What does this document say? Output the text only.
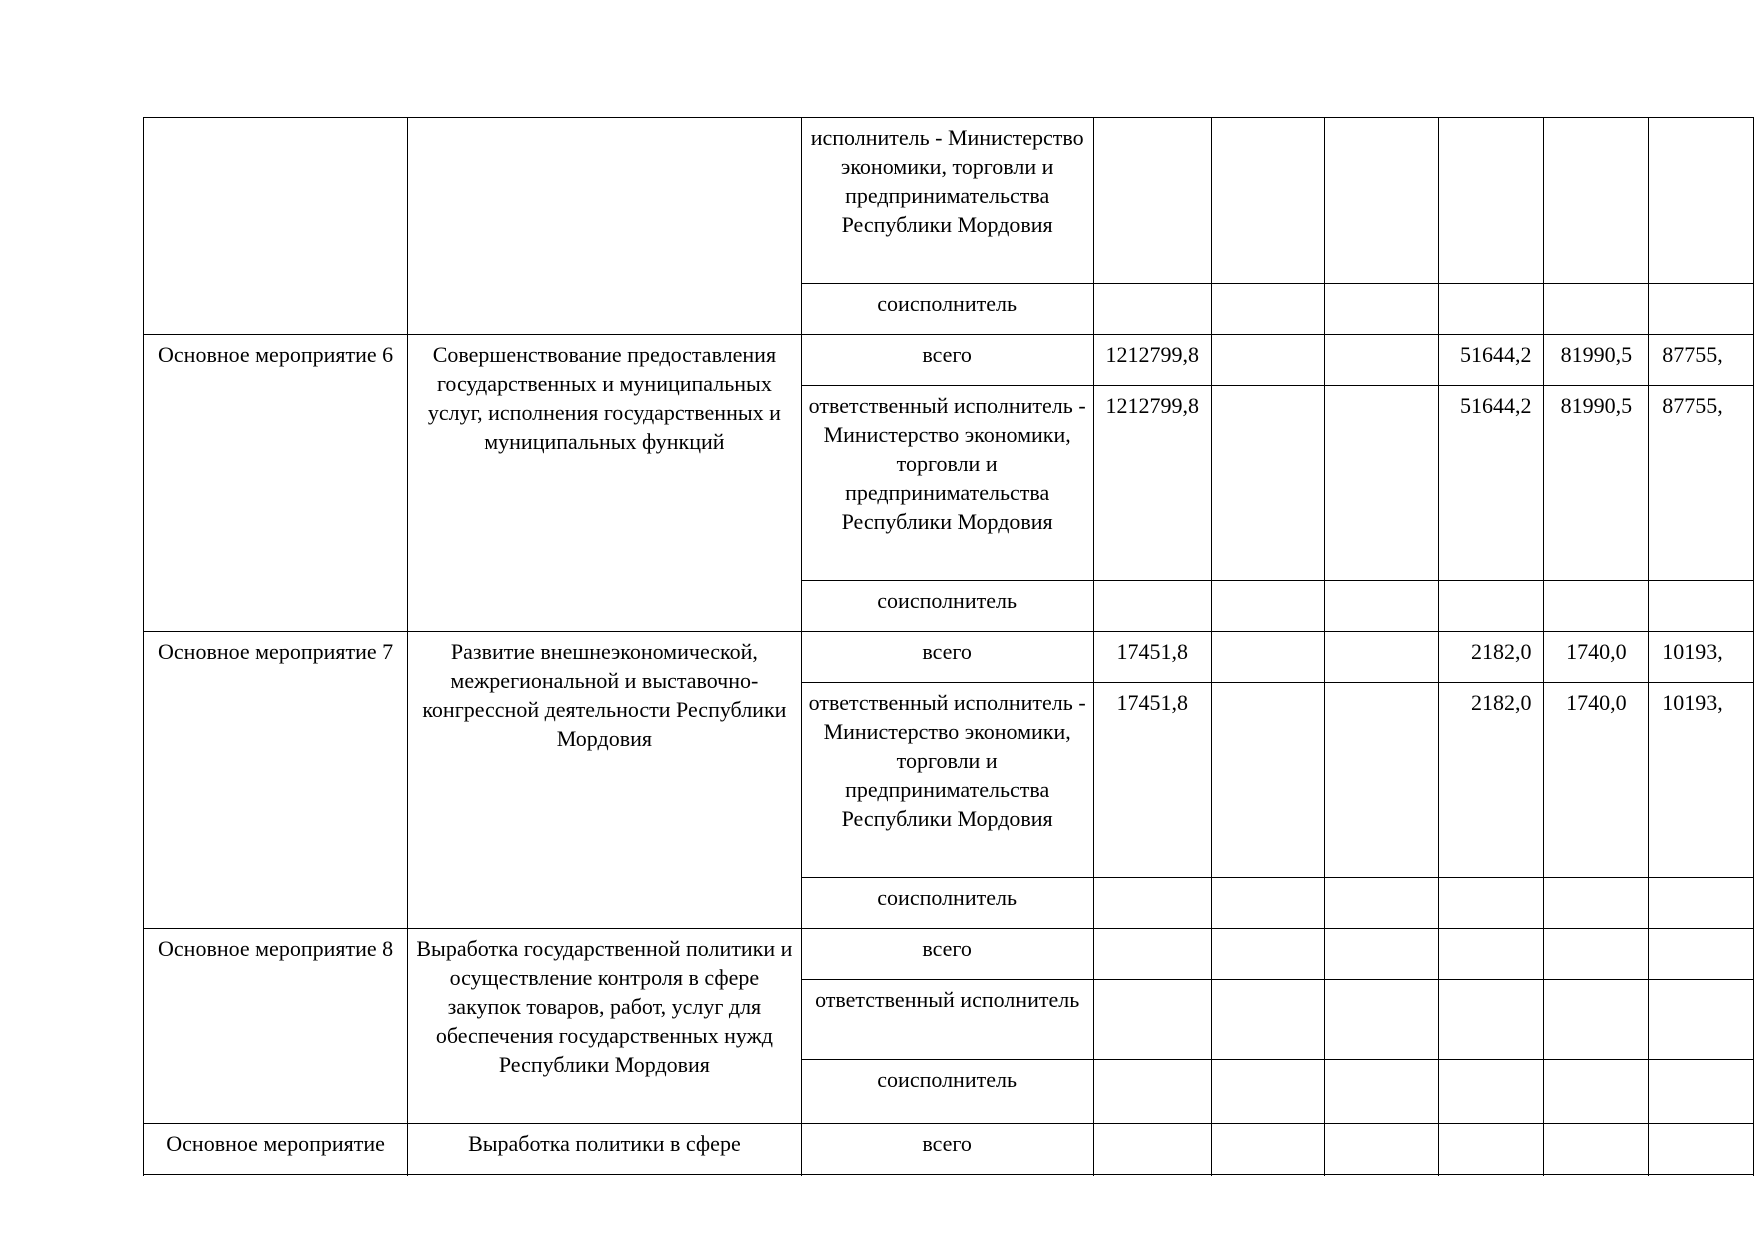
		исполнитель - Министерство экономики, торговли и предпринимательства Республики Мордовия						
		соисполнитель						
Основное мероприятие 6	Совершенствование предоставления государственных и муниципальных услуг, исполнения государственных и муниципальных функций	всего	1212799,8			51644,2	81990,5	87755,
		ответственный исполнитель - Министерство экономики, торговли и предпринимательства Республики Мордовия	1212799,8			51644,2	81990,5	87755,
		соисполнитель						
Основное мероприятие 7	Развитие внешнеэкономической, межрегиональной и выставочно-конгрессной деятельности Республики Мордовия	всего	17451,8			2182,0	1740,0	10193,
		ответственный исполнитель - Министерство экономики, торговли и предпринимательства Республики Мордовия	17451,8			2182,0	1740,0	10193,
		соисполнитель						
Основное мероприятие 8	Выработка государственной политики и осуществление контроля в сфере закупок товаров, работ, услуг для обеспечения государственных нужд Республики Мордовия	всего						
		ответственный исполнитель						
		соисполнитель						
Основное мероприятие	Выработка политики в сфере	всего						
